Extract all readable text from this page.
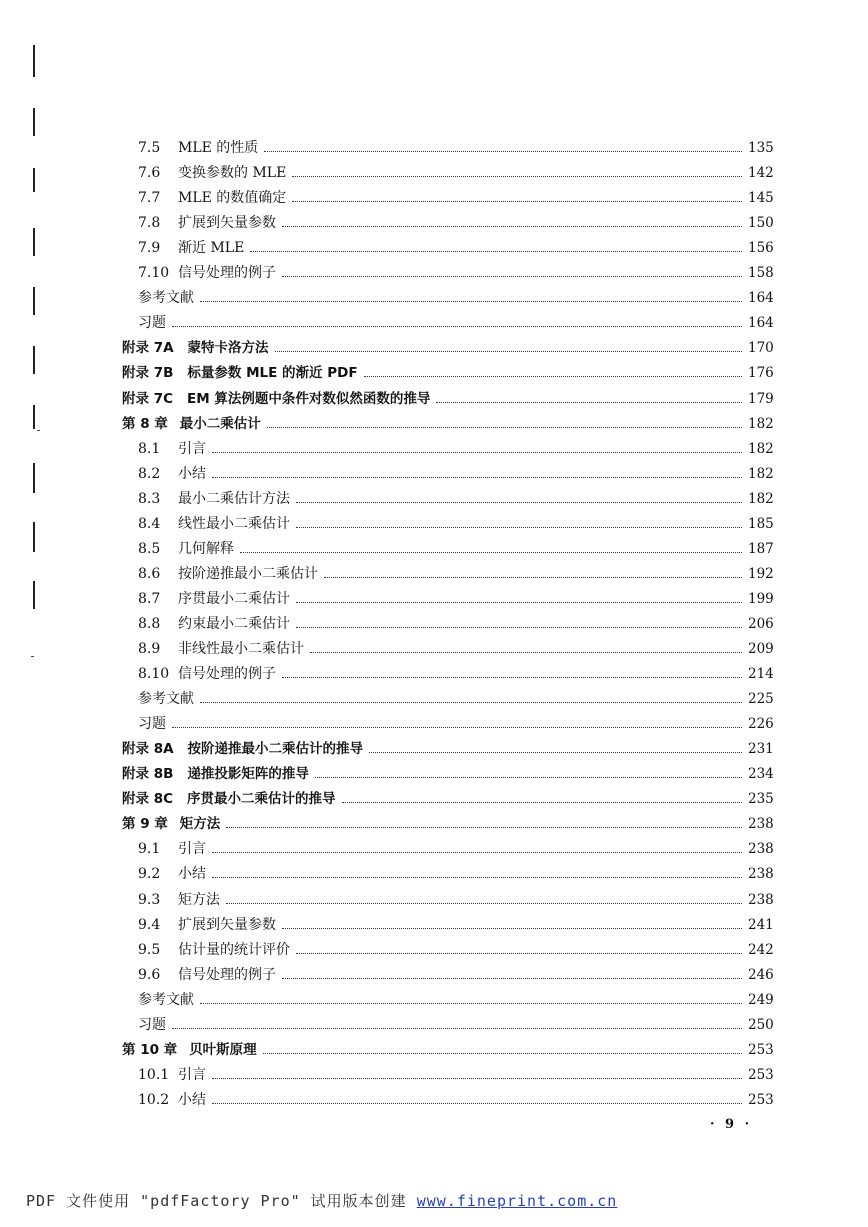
7.5	MLE 的性质	135
7.6	变换参数的 MLE	142
7.7	MLE 的数值确定	145
7.8	扩展到矢量参数	150
7.9	渐近 MLE	156
7.10 信号处理的例子	158
参考文献	164
习题	164
附录 7A 蒙特卡洛方法	170
附录 7B 标量参数 MLE 的渐近 PDF	176
附录 7C EM 算法例题中条件对数似然函数的推导	179
第 8 章 最小二乘估计	182
8.1	引言	182
8.2	小结	182
8.3	最小二乘估计方法	182
8.4	线性最小二乘估计	185
8.5	几何解释	187
8.6	按阶递推最小二乘估计	192
8.7	序贯最小二乘估计	199
8.8	约束最小二乘估计	206
8.9	非线性最小二乘估计	209
8.10 信号处理的例子	214
参考文献	225
习题	226
附录 8A 按阶递推最小二乘估计的推导	231
附录 8B 递推投影矩阵的推导	234
附录 8C 序贯最小二乘估计的推导	235
第 9 章 矩方法	238
9.1	引言	238
9.2	小结	238
9.3	矩方法	238
9.4	扩展到矢量参数	241
9.5	估计量的统计评价	242
9.6	信号处理的例子	246
参考文献	249
习题	250
第 10 章 贝叶斯原理	253
10.1 引言	253
10.2 小结	253
· 9 ·
PDF 文件使用 "pdfFactory Pro" 试用版本创建 www.fineprint.com.cn
